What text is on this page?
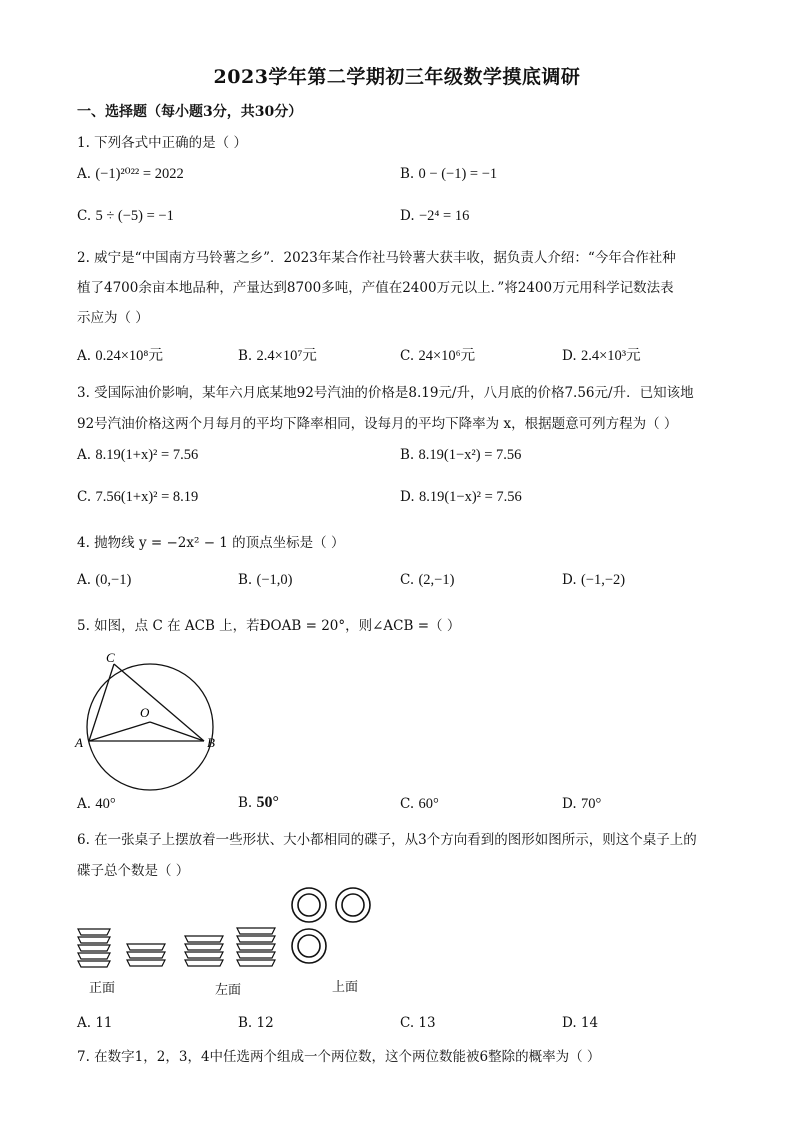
2023学年第二学期初三年级数学摸底调研
一、选择题（每小题3分，共30分）
1. 下列各式中正确的是（ ）
A. (−1)²⁰²² = 2022	B. 0 − (−1) = −1
C. 5 ÷ (−5) = −1	D. −2⁴ = 16
2. 威宁是“中国南方马铃薯之乡”．2023年某合作社马铃薯大获丰收，据负责人介绍：“今年合作社种
植了4700余亩本地品种，产量达到8700多吨，产值在2400万元以上．”将2400万元用科学记数法表
示应为（ ）
A. 0.24×10⁸元	B. 2.4×10⁷元	C. 24×10⁶元	D. 2.4×10³元
3. 受国际油价影响，某年六月底某地92号汽油的价格是8.19元/升，八月底的价格7.56元/升．已知该地
92号汽油价格这两个月每月的平均下降率相同，设每月的平均下降率为 x，根据题意可列方程为（ ）
A. 8.19(1+x)² = 7.56	B. 8.19(1−x²) = 7.56
C. 7.56(1+x)² = 8.19	D. 8.19(1−x)² = 7.56
4. 抛物线 y = −2x² − 1 的顶点坐标是（ ）
A. (0,−1)	B. (−1,0)	C. (2,−1)	D. (−1,−2)
5. 如图，点 C 在 ACB 上，若ÐOAB = 20°，则∠ACB =（ ）
C
O
A	B
A. 40°	B. 50°	C. 60°	D. 70°
6. 在一张桌子上摆放着一些形状、大小都相同的碟子，从3个方向看到的图形如图所示，则这个桌子上的
碟子总个数是（ ）
正面	左面	上面
A. 11	B. 12	C. 13	D. 14
7. 在数字1，2，3，4中任选两个组成一个两位数，这个两位数能被6整除的概率为（ ）
